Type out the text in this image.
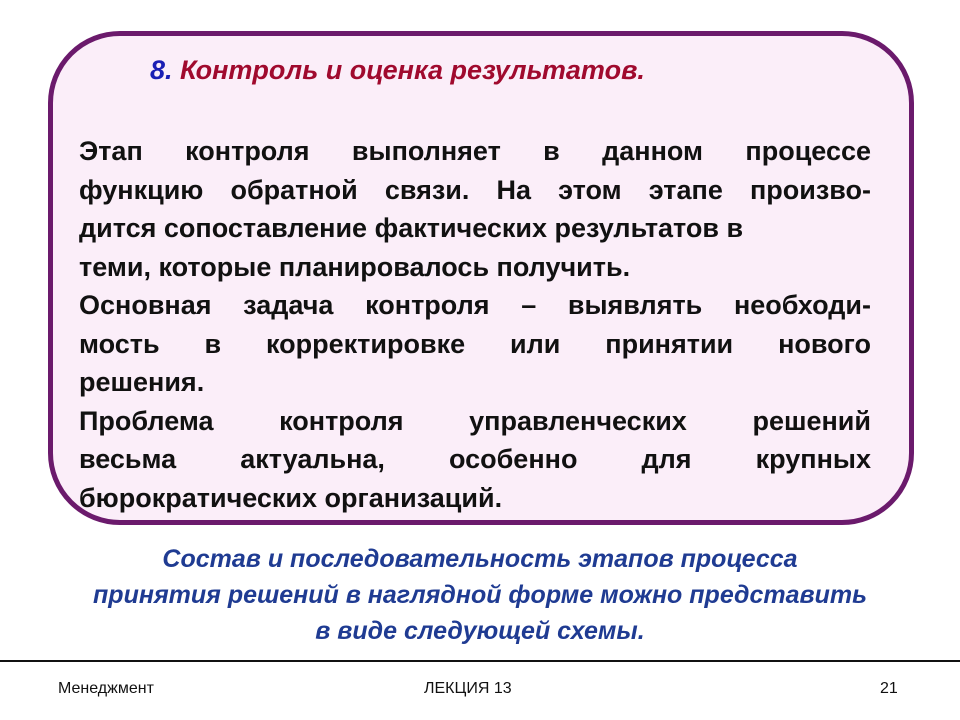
8. Контроль и оценка результатов.
Этап контроля выполняет в данном процессе
функцию обратной связи. На этом этапе произво-
дится сопоставление фактических результатов в
теми, которые планировалось получить.
Основная задача контроля – выявлять необходи-
мость в корректировке или принятии нового
решения.
Проблема контроля управленческих решений
весьма актуальна, особенно для крупных
бюрократических организаций.
Состав и последовательность этапов процесса
принятия решений в наглядной форме можно представить
в виде следующей схемы.
Менеджмент	ЛЕКЦИЯ 13	21
